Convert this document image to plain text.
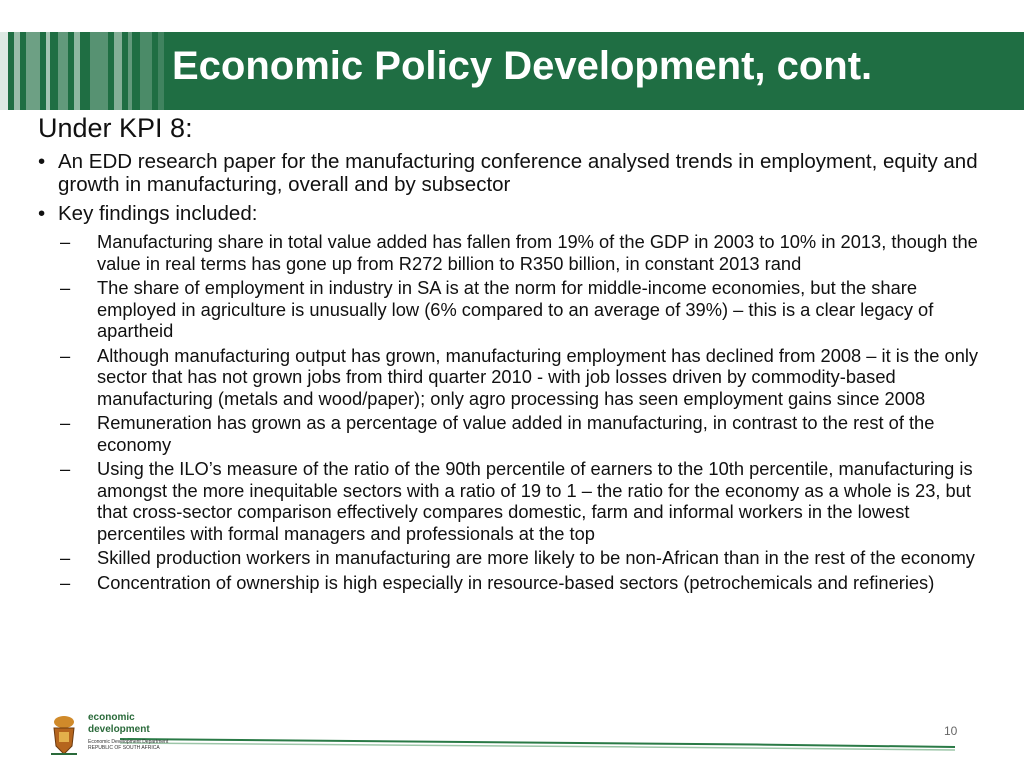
Economic Policy Development, cont.
Under KPI 8:
• An EDD research paper for the manufacturing conference analysed trends in employment, equity and growth in manufacturing, overall and by subsector
• Key findings included:
– Manufacturing share in total value added has fallen from 19% of the GDP in 2003 to 10% in 2013, though the value in real terms has gone up from R272 billion to R350 billion, in constant 2013 rand
– The share of employment in industry in SA is at the norm for middle-income economies, but the share employed in agriculture is unusually low (6% compared to an average of 39%) – this is a clear legacy of apartheid
– Although manufacturing output has grown, manufacturing employment has declined from 2008 – it is the only sector that has not grown jobs from third quarter 2010 - with job losses driven by commodity-based manufacturing (metals and wood/paper); only agro processing has seen employment gains since 2008
– Remuneration has grown as a percentage of value added in manufacturing, in contrast to the rest of the economy
– Using the ILO’s measure of the ratio of the 90th percentile of earners to the 10th percentile, manufacturing is amongst the more inequitable sectors with a ratio of 19 to 1 – the ratio for the economy as a whole is 23, but that cross-sector comparison effectively compares domestic, farm and informal workers in the lowest percentiles with formal managers and professionals at the top
– Skilled production workers in manufacturing are more likely to be non-African than in the rest of the economy
– Concentration of ownership is high especially in resource-based sectors (petrochemicals and refineries)
economic
development
Economic Development Department
REPUBLIC OF SOUTH AFRICA
10
